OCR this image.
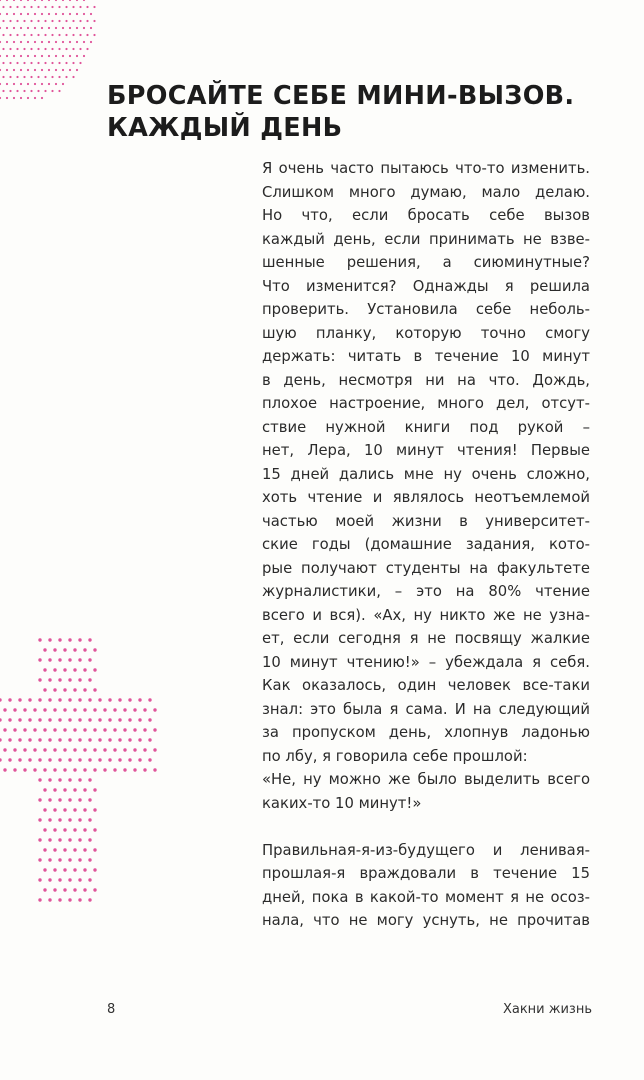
БРОСАЙТЕ СЕБЕ МИНИ-ВЫЗОВ.
КАЖДЫЙ ДЕНЬ

Я очень часто пытаюсь что-то изменить.
Слишком много думаю, мало делаю.
Но что, если бросать себе вызов
каждый день, если принимать не взве-
шенные решения, а сиюминутные?
Что изменится? Однажды я решила
проверить. Установила себе неболь-
шую планку, которую точно смогу
держать: читать в течение 10 минут
в день, несмотря ни на что. Дождь,
плохое настроение, много дел, отсут-
ствие нужной книги под рукой –
нет, Лера, 10 минут чтения! Первые
15 дней дались мне ну очень сложно,
хоть чтение и являлось неотъемлемой
частью моей жизни в университет-
ские годы (домашние задания, кото-
рые получают студенты на факультете
журналистики, – это на 80% чтение
всего и вся). «Ах, ну никто же не узна-
ет, если сегодня я не посвящу жалкие
10 минут чтению!» – убеждала я себя.
Как оказалось, один человек все-таки
знал: это была я сама. И на следующий
за пропуском день, хлопнув ладонью
по лбу, я говорила себе прошлой:

«Не, ну можно же было выделить всего
каких-то 10 минут!»

Правильная-я-из-будущего и ленивая-
прошлая-я враждовали в течение 15
дней, пока в какой-то момент я не осоз-
нала, что не могу уснуть, не прочитав

8	Хакни жизнь
